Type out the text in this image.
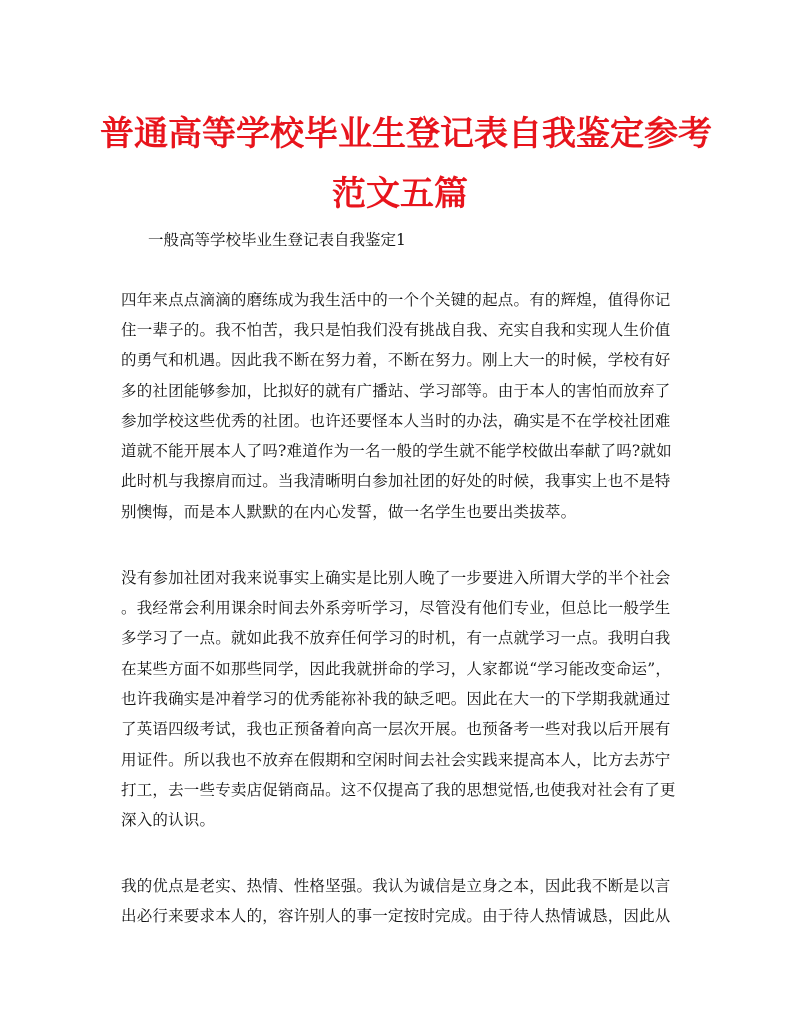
普通高等学校毕业生登记表自我鉴定参考
范文五篇
一般高等学校毕业生登记表自我鉴定1
四年来点点滴滴的磨练成为我生活中的一个个关键的起点。有的辉煌，值得你记
住一辈子的。我不怕苦，我只是怕我们没有挑战自我、充实自我和实现人生价值
的勇气和机遇。因此我不断在努力着，不断在努力。刚上大一的时候，学校有好
多的社团能够参加，比拟好的就有广播站、学习部等。由于本人的害怕而放弃了
参加学校这些优秀的社团。也许还要怪本人当时的办法，确实是不在学校社团难
道就不能开展本人了吗?难道作为一名一般的学生就不能学校做出奉献了吗?就如
此时机与我擦肩而过。当我清晰明白参加社团的好处的时候，我事实上也不是特
别懊悔，而是本人默默的在内心发誓，做一名学生也要出类拔萃。
没有参加社团对我来说事实上确实是比别人晚了一步要进入所谓大学的半个社会
。我经常会利用课余时间去外系旁听学习，尽管没有他们专业，但总比一般学生
多学习了一点。就如此我不放弃任何学习的时机，有一点就学习一点。我明白我
在某些方面不如那些同学，因此我就拼命的学习，人家都说“学习能改变命运”，
也许我确实是冲着学习的优秀能祢补我的缺乏吧。因此在大一的下学期我就通过
了英语四级考试，我也正预备着向高一层次开展。也预备考一些对我以后开展有
用证件。所以我也不放弃在假期和空闲时间去社会实践来提高本人，比方去苏宁
打工，去一些专卖店促销商品。这不仅提高了我的思想觉悟,也使我对社会有了更
深入的认识。
我的优点是老实、热情、性格坚强。我认为诚信是立身之本，因此我不断是以言
出必行来要求本人的，容许别人的事一定按时完成。由于待人热情诚恳，因此从
